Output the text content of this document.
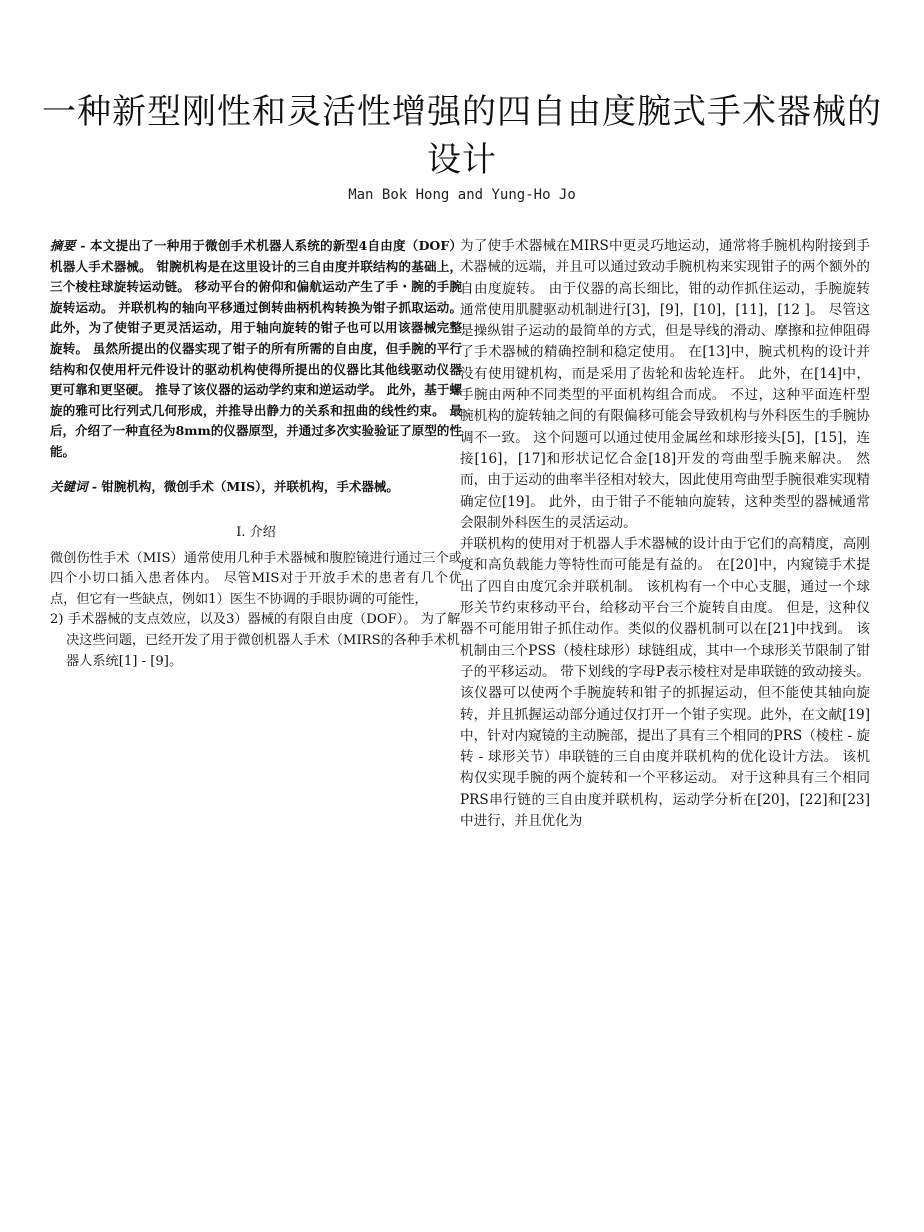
一种新型刚性和灵活性增强的四自由度腕式手术器械的设计
Man Bok Hong and Yung-Ho Jo

摘要 - 本文提出了一种用于微创手术机器人系统的新型4自由度（DOF）机器人手术器械。 钳腕机构是在这里设计的三自由度并联结构的基础上，三个棱柱球旋转运动链。 移动平台的俯仰和偏航运动产生了手・腕的手腕旋转运动。 并联机构的轴向平移通过倒转曲柄机构转换为钳子抓取运动。 此外，为了使钳子更灵活运动，用于轴向旋转的钳子也可以用该器械完整旋转。 虽然所提出的仪器实现了钳子的所有所需的自由度，但手腕的平行结构和仅使用杆元件设计的驱动机构使得所提出的仪器比其他线驱动仪器更可靠和更坚硬。 推导了该仪器的运动学约束和逆运动学。 此外，基于螺旋的雅可比行列式几何形成，并推导出静力的关系和扭曲的线性约束。 最后，介绍了一种直径为8mm的仪器原型，并通过多次实验验证了原型的性能。

关键词 - 钳腕机构，微创手术（MIS），并联机构，手术器械。

I. 介绍

微创伤性手术（MIS）通常使用几种手术器械和腹腔镜进行通过三个或四个小切口插入患者体内。 尽管MIS对于开放手术的患者有几个优点，但它有一些缺点，例如1）医生不协调的手眼协调的可能性，

2) 手术器械的支点效应，以及3）器械的有限自由度（DOF）。 为了解决这些问题，已经开发了用于微创机器人手术（MIRS的各种手术机器人系统[1] - [9]。

为了使手术器械在MIRS中更灵巧地运动，通常将手腕机构附接到手术器械的远端，并且可以通过致动手腕机构来实现钳子的两个额外的自由度旋转。 由于仪器的高长细比，钳的动作抓住运动，手腕旋转通常使用肌腱驱动机制进行[3]，[9]，[10]，[11]，[12 ]。 尽管这是操纵钳子运动的最简单的方式，但是导线的滑动、摩擦和拉伸阻碍了手术器械的精确控制和稳定使用。 在[13]中，腕式机构的设计并没有使用键机构，而是采用了齿轮和齿轮连杆。 此外，在[14]中，手腕由两种不同类型的平面机构组合而成。 不过，这种平面连杆型腕机构的旋转轴之间的有限偏移可能会导致机构与外科医生的手腕协调不一致。 这个问题可以通过使用金属丝和球形接头[5]，[15]，连接[16]，[17]和形状记忆合金[18]开发的弯曲型手腕来解决。 然而，由于运动的曲率半径相对较大，因此使用弯曲型手腕很难实现精确定位[19]。 此外，由于钳子不能轴向旋转，这种类型的器械通常会限制外科医生的灵活运动。

并联机构的使用对于机器人手术器械的设计由于它们的高精度，高刚度和高负载能力等特性而可能是有益的。 在[20]中，内窥镜手术提出了四自由度冗余并联机制。 该机构有一个中心支腿，通过一个球形关节约束移动平台，给移动平台三个旋转自由度。 但是，这种仪器不可能用钳子抓住动作。类似的仪器机制可以在[21]中找到。 该机制由三个PSS（棱柱球形）球链组成，其中一个球形关节限制了钳子的平移运动。 带下划线的字母P表示棱柱对是串联链的致动接头。 该仪器可以使两个手腕旋转和钳子的抓握运动，但不能使其轴向旋转，并且抓握运动部分通过仅打开一个钳子实现。此外，在文献[19]中，针对内窥镜的主动腕部，提出了具有三个相同的PRS（棱柱 - 旋转 - 球形关节）串联链的三自由度并联机构的优化设计方法。 该机构仅实现手腕的两个旋转和一个平移运动。 对于这种具有三个相同PRS串行链的三自由度并联机构，运动学分析在[20]，[22]和[23]中进行，并且优化为
